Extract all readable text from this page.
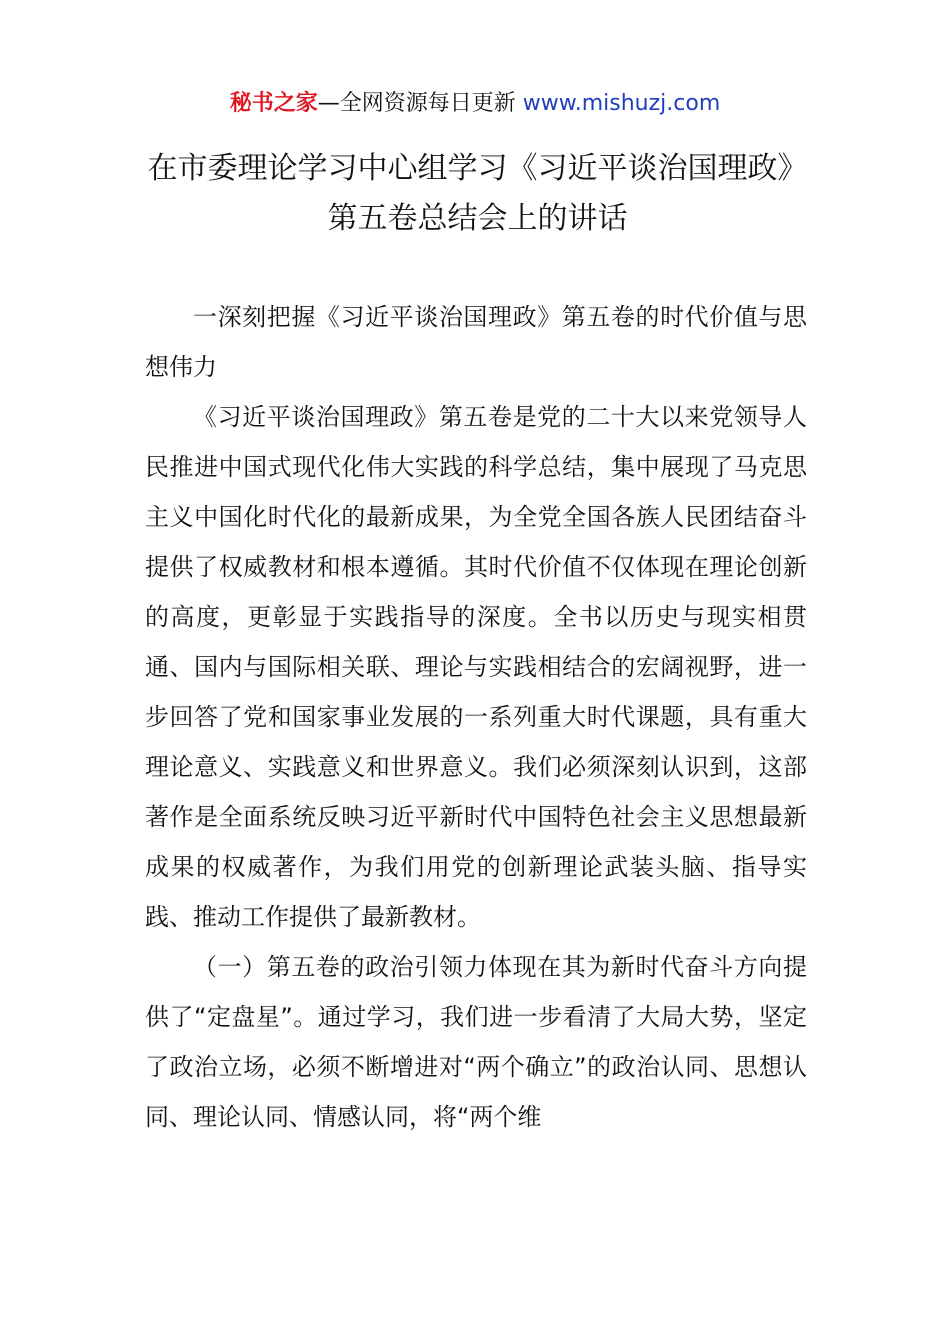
秘书之家—全网资源每日更新 www.mishuzj.com
在市委理论学习中心组学习《习近平谈治国理政》第五卷总结会上的讲话

一深刻把握《习近平谈治国理政》第五卷的时代价值与思想伟力

《习近平谈治国理政》第五卷是党的二十大以来党领导人民推进中国式现代化伟大实践的科学总结，集中展现了马克思主义中国化时代化的最新成果，为全党全国各族人民团结奋斗提供了权威教材和根本遵循。其时代价值不仅体现在理论创新的高度，更彰显于实践指导的深度。全书以历史与现实相贯通、国内与国际相关联、理论与实践相结合的宏阔视野，进一步回答了党和国家事业发展的一系列重大时代课题，具有重大理论意义、实践意义和世界意义。我们必须深刻认识到，这部著作是全面系统反映习近平新时代中国特色社会主义思想最新成果的权威著作，为我们用党的创新理论武装头脑、指导实践、推动工作提供了最新教材。

（一）第五卷的政治引领力体现在其为新时代奋斗方向提供了“定盘星”。通过学习，我们进一步看清了大局大势，坚定了政治立场，必须不断增进对“两个确立”的政治认同、思想认同、理论认同、情感认同，将“两个维
